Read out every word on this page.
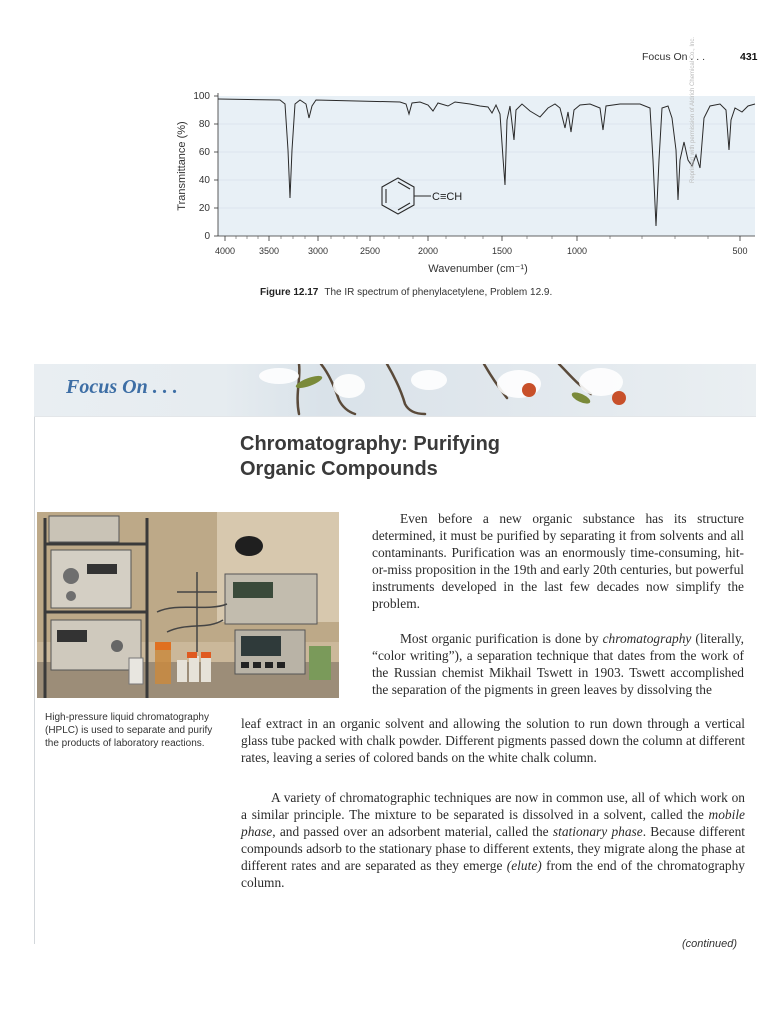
Focus On . . .	431
100
80
60
40
20
0
Transmittance (%)
4000	3500	3000	2500	2000	1500	1000	500
Wavenumber (cm⁻¹)
C≡CH
Reprinted with permission of Aldrich Chemical Co., Inc.
Figure 12.17 The IR spectrum of phenylacetylene, Problem 12.9.
Focus On . . .
Chromatography: Purifying
Organic Compounds
High-pressure liquid chromatography (HPLC) is used to separate and purify the products of laboratory reactions.
Even before a new organic substance has its structure determined, it must be purified by separating it from solvents and all contaminants. Purification was an enormously time-consuming, hit-or-miss proposition in the 19th and early 20th centuries, but powerful instruments developed in the last few decades now simplify the problem.
Most organic purification is done by chromatography (literally, “color writing”), a separation technique that dates from the work of the Russian chemist Mikhail Tswett in 1903. Tswett accomplished the separation of the pigments in green leaves by dissolving the
leaf extract in an organic solvent and allowing the solution to run down through a vertical glass tube packed with chalk powder. Different pigments passed down the column at different rates, leaving a series of colored bands on the white chalk column.
A variety of chromatographic techniques are now in common use, all of which work on a similar principle. The mixture to be separated is dissolved in a solvent, called the mobile phase, and passed over an adsorbent material, called the stationary phase. Because different compounds adsorb to the stationary phase to different extents, they migrate along the phase at different rates and are separated as they emerge (elute) from the end of the chromatography column.
(continued)
